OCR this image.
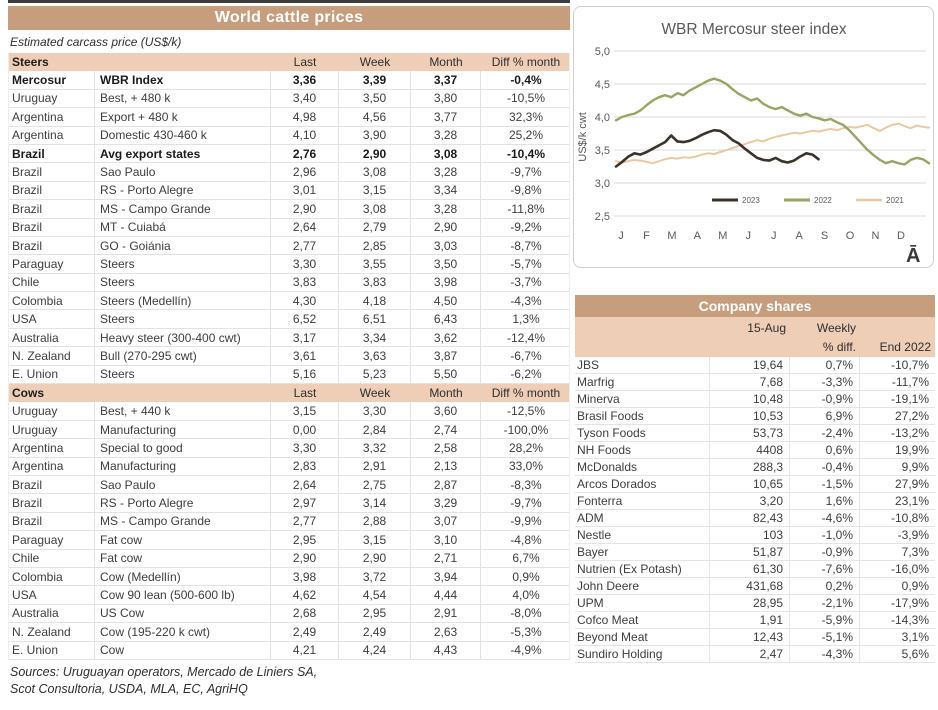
World cattle prices
Estimated carcass price (US$/k)
Steers	Last	Week	Month	Diff % month
Mercosur	WBR Index	3,36	3,39	3,37	-0,4%
Uruguay	Best, + 480 k	3,40	3,50	3,80	-10,5%
Argentina	Export + 480 k	4,98	4,56	3,77	32,3%
Argentina	Domestic 430-460 k	4,10	3,90	3,28	25,2%
Brazil	Avg export states	2,76	2,90	3,08	-10,4%
Brazil	Sao Paulo	2,96	3,08	3,28	-9,7%
Brazil	RS - Porto Alegre	3,01	3,15	3,34	-9,8%
Brazil	MS - Campo Grande	2,90	3,08	3,28	-11,8%
Brazil	MT - Cuiabá	2,64	2,79	2,90	-9,2%
Brazil	GO - Goiánia	2,77	2,85	3,03	-8,7%
Paraguay	Steers	3,30	3,55	3,50	-5,7%
Chile	Steers	3,83	3,83	3,98	-3,7%
Colombia	Steers (Medellín)	4,30	4,18	4,50	-4,3%
USA	Steers	6,52	6,51	6,43	1,3%
Australia	Heavy steer (300-400 cwt)	3,17	3,34	3,62	-12,4%
N. Zealand	Bull (270-295 cwt)	3,61	3,63	3,87	-6,7%
E. Union	Steers	5,16	5,23	5,50	-6,2%
Cows	Last	Week	Month	Diff % month
Uruguay	Best, + 440 k	3,15	3,30	3,60	-12,5%
Uruguay	Manufacturing	0,00	2,84	2,74	-100,0%
Argentina	Special to good	3,30	3,32	2,58	28,2%
Argentina	Manufacturing	2,83	2,91	2,13	33,0%
Brazil	Sao Paulo	2,64	2,75	2,87	-8,3%
Brazil	RS - Porto Alegre	2,97	3,14	3,29	-9,7%
Brazil	MS - Campo Grande	2,77	2,88	3,07	-9,9%
Paraguay	Fat cow	2,95	3,15	3,10	-4,8%
Chile	Fat cow	2,90	2,90	2,71	6,7%
Colombia	Cow (Medellín)	3,98	3,72	3,94	0,9%
USA	Cow 90 lean (500-600 lb)	4,62	4,54	4,44	4,0%
Australia	US Cow	2,68	2,95	2,91	-8,0%
N. Zealand	Cow (195-220 k cwt)	2,49	2,49	2,63	-5,3%
E. Union	Cow	4,21	4,24	4,43	-4,9%
Sources: Uruguayan operators, Mercado de Liniers SA,
Scot Consultoria, USDA, MLA, EC, AgriHQ
WBR Mercosur steer index
5,0
4,5
4,0
3,5
3,0
2,5
US$/k cwt
J F M A M J J A S O N D
2023	2022	2021
Ā
Company shares
15-Aug	Weekly
% diff. End 2022
JBS	19,64	0,7%	-10,7%
Marfrig	7,68	-3,3%	-11,7%
Minerva	10,48	-0,9%	-19,1%
Brasil Foods	10,53	6,9%	27,2%
Tyson Foods	53,73	-2,4%	-13,2%
NH Foods	4408	0,6%	19,9%
McDonalds	288,3	-0,4%	9,9%
Arcos Dorados	10,65	-1,5%	27,9%
Fonterra	3,20	1,6%	23,1%
ADM	82,43	-4,6%	-10,8%
Nestle	103	-1,0%	-3,9%
Bayer	51,87	-0,9%	7,3%
Nutrien (Ex Potash)	61,30	-7,6%	-16,0%
John Deere	431,68	0,2%	0,9%
UPM	28,95	-2,1%	-17,9%
Cofco Meat	1,91	-5,9%	-14,3%
Beyond Meat	12,43	-5,1%	3,1%
Sundiro Holding	2,47	-4,3%	5,6%
